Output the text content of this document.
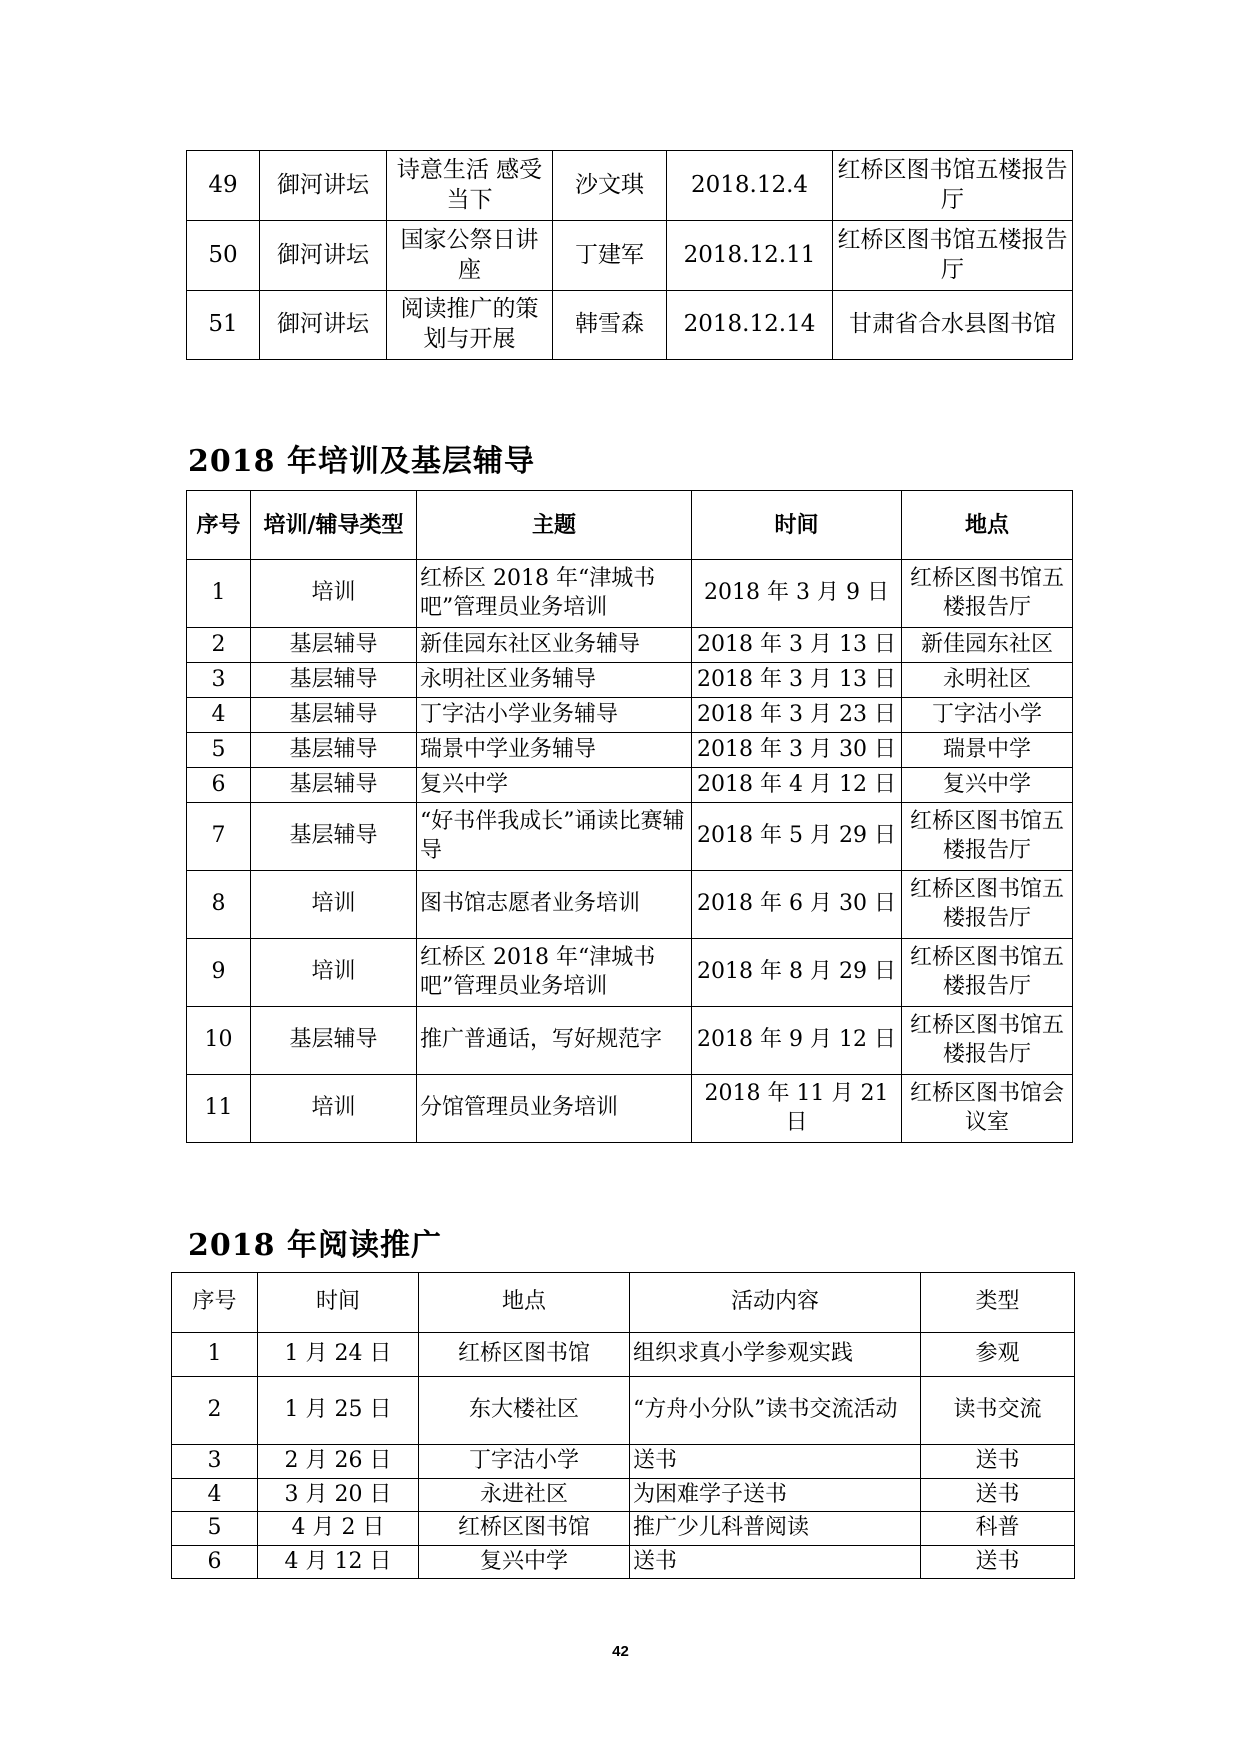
49	御河讲坛	诗意生活 感受当下	沙文琪	2018.12.4	红桥区图书馆五楼报告厅
50	御河讲坛	国家公祭日讲座	丁建军	2018.12.11	红桥区图书馆五楼报告厅
51	御河讲坛	阅读推广的策划与开展	韩雪森	2018.12.14	甘肃省合水县图书馆
2018 年培训及基层辅导
序号	培训/辅导类型	主题	时间	地点
1	培训	红桥区 2018 年“津城书吧”管理员业务培训	2018 年 3 月 9 日	红桥区图书馆五楼报告厅
2	基层辅导	新佳园东社区业务辅导	2018 年 3 月 13 日	新佳园东社区
3	基层辅导	永明社区业务辅导	2018 年 3 月 13 日	永明社区
4	基层辅导	丁字沽小学业务辅导	2018 年 3 月 23 日	丁字沽小学
5	基层辅导	瑞景中学业务辅导	2018 年 3 月 30 日	瑞景中学
6	基层辅导	复兴中学	2018 年 4 月 12 日	复兴中学
7	基层辅导	“好书伴我成长”诵读比赛辅导	2018 年 5 月 29 日	红桥区图书馆五楼报告厅
8	培训	图书馆志愿者业务培训	2018 年 6 月 30 日	红桥区图书馆五楼报告厅
9	培训	红桥区 2018 年“津城书吧”管理员业务培训	2018 年 8 月 29 日	红桥区图书馆五楼报告厅
10	基层辅导	推广普通话，写好规范字	2018 年 9 月 12 日	红桥区图书馆五楼报告厅
11	培训	分馆管理员业务培训	2018 年 11 月 21 日	红桥区图书馆会议室
2018 年阅读推广
序号	时间	地点	活动内容	类型
1	1 月 24 日	红桥区图书馆	组织求真小学参观实践	参观
2	1 月 25 日	东大楼社区	“方舟小分队”读书交流活动	读书交流
3	2 月 26 日	丁字沽小学	送书	送书
4	3 月 20 日	永进社区	为困难学子送书	送书
5	4 月 2 日	红桥区图书馆	推广少儿科普阅读	科普
6	4 月 12 日	复兴中学	送书	送书
42
